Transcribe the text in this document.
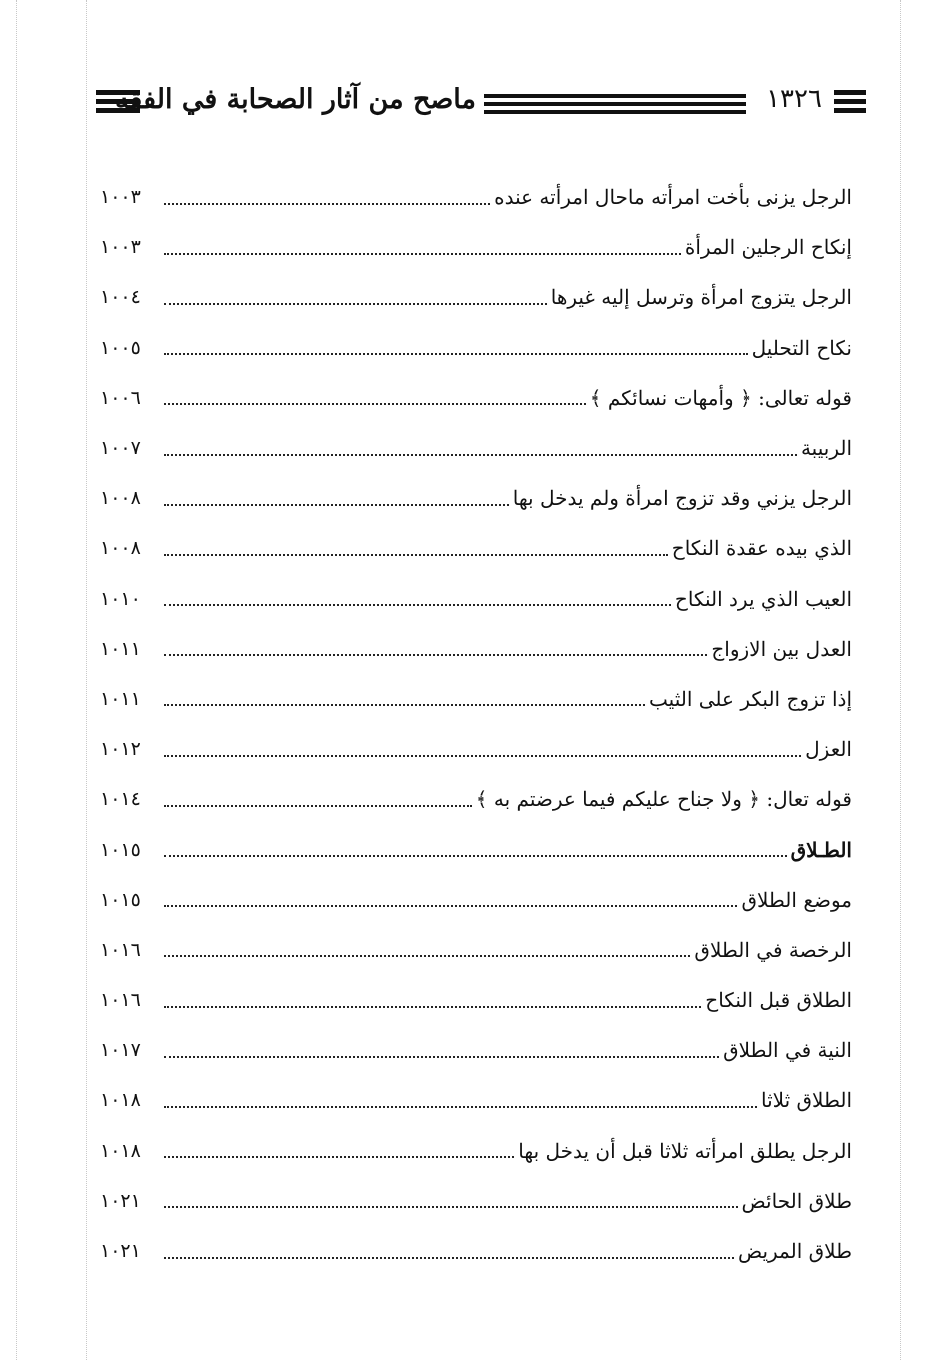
ماصح من آثار الصحابة في الفقه	١٣٢٦
الرجل يزنى بأخت امرأته ماحال امرأته عنده
١٠٠٣
إنكاح الرجلين المرأة
١٠٠٣
الرجل يتزوج امرأة وترسل إليه غيرها
١٠٠٤
نكاح التحليل
١٠٠٥
قوله تعالى: ﴿ وأمهات نسائكم ﴾
١٠٠٦
الربيبة
١٠٠٧
الرجل يزني وقد تزوج امرأة ولم يدخل بها
١٠٠٨
الذي بيده عقدة النكاح
١٠٠٨
العيب الذي يرد النكاح
١٠١٠
العدل بين الازواج
١٠١١
إذا تزوج البكر على الثيب
١٠١١
العزل
١٠١٢
قوله تعال: ﴿ ولا جناح عليكم فيما عرضتم به ﴾
١٠١٤
الطـلاق
١٠١٥
موضع الطلاق
١٠١٥
الرخصة في الطلاق
١٠١٦
الطلاق قبل النكاح
١٠١٦
النية في الطلاق
١٠١٧
الطلاق ثلاثا
١٠١٨
الرجل يطلق امرأته ثلاثا قبل أن يدخل بها
١٠١٨
طلاق الحائض
١٠٢١
طلاق المريض
١٠٢١
